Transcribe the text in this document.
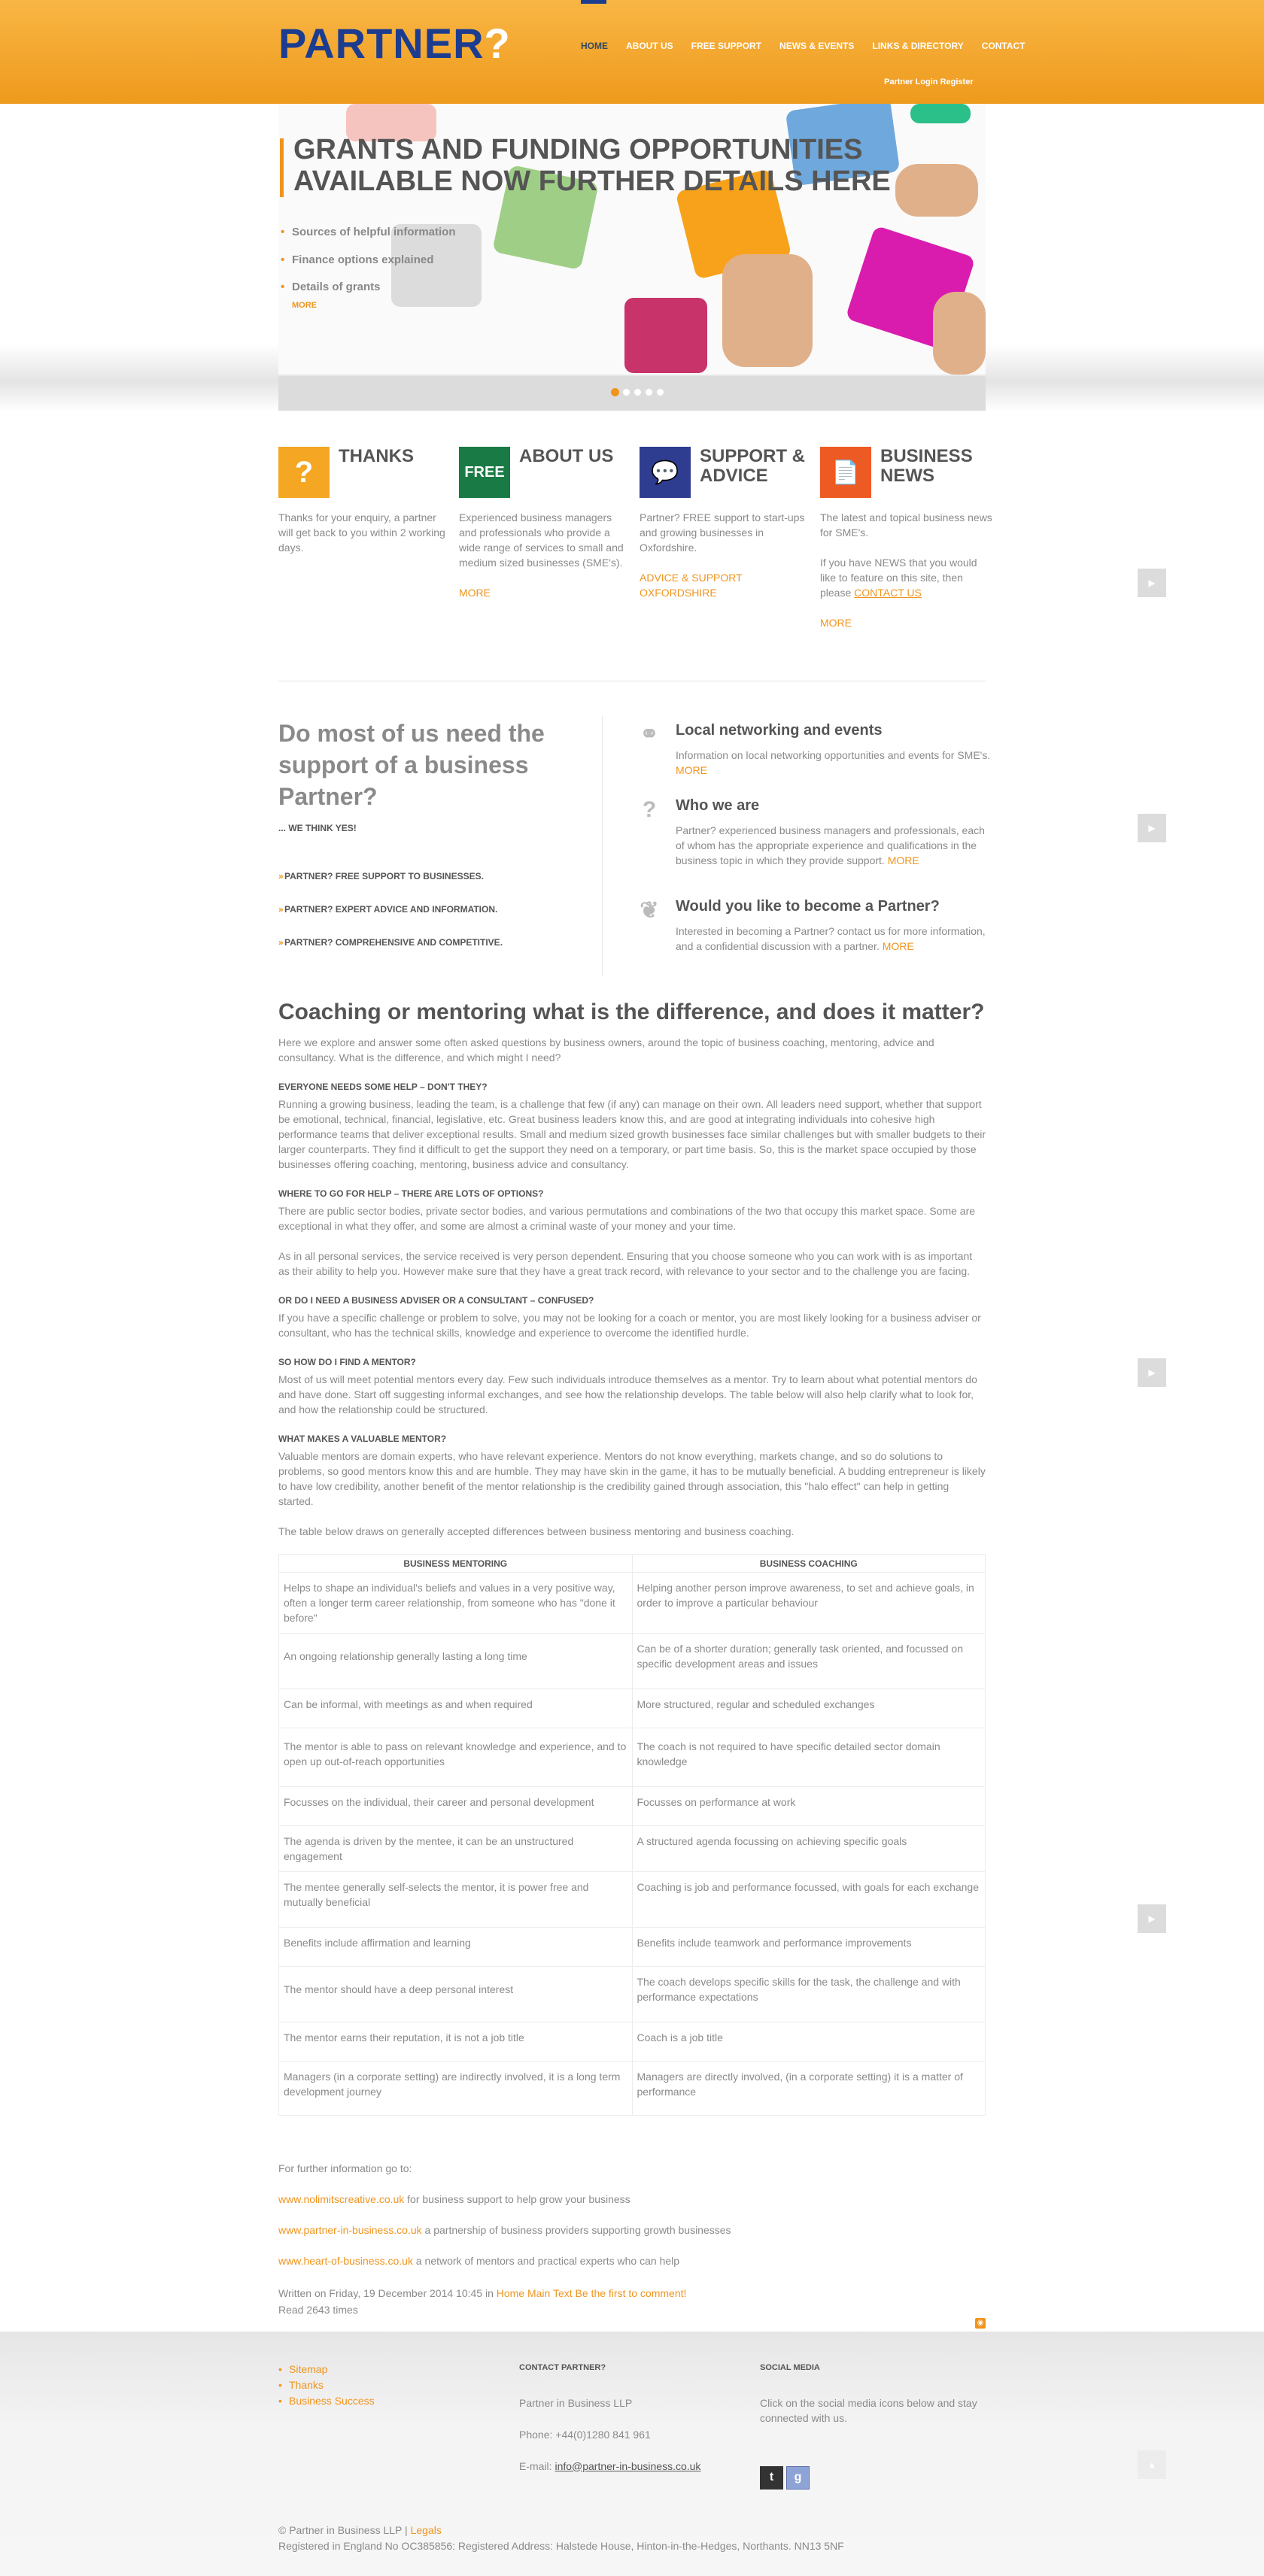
PARTNER?	HOME ABOUT US FREE SUPPORT NEWS & EVENTS LINKS & DIRECTORY CONTACT
Partner Login Register
GRANTS AND FUNDING OPPORTUNITIES AVAILABLE NOW FURTHER DETAILS HERE
• Sources of helpful information
• Finance options explained
• Details of grants
MORE
?	THANKS

Thanks for your enquiry, a partner will get back to you within 2 working days.

FREE
ABOUT US

Experienced business managers and professionals who provide a wide range of services to small and medium sized businesses (SME's).

MORE

💬
SUPPORT & ADVICE

Partner? FREE support to start-ups and growing businesses in Oxfordshire.

ADVICE & SUPPORT OXFORDSHIRE

📄
BUSINESS NEWS

The latest and topical business news for SME's.

If you have NEWS that you would like to feature on this site, then please CONTACT US

MORE

▶
Do most of us need the support of a business Partner?
... WE THINK YES!
» PARTNER? FREE SUPPORT TO BUSINESSES.
» PARTNER? EXPERT ADVICE AND INFORMATION.
» PARTNER? COMPREHENSIVE AND COMPETITIVE.
⚭ Local networking and events
Information on local networking opportunities and events for SME's. MORE
? Who we are
Partner? experienced business managers and professionals, each of whom has the appropriate experience and qualifications in the business topic in which they provide support. MORE
❦ Would you like to become a Partner?
Interested in becoming a Partner? contact us for more information, and a confidential discussion with a partner. MORE
▶
Coaching or mentoring what is the difference, and does it matter?

Here we explore and answer some often asked questions by business owners, around the topic of business coaching, mentoring, advice and consultancy. What is the difference, and which might I need?

EVERYONE NEEDS SOME HELP – DON'T THEY?

Running a growing business, leading the team, is a challenge that few (if any) can manage on their own. All leaders need support, whether that support be emotional, technical, financial, legislative, etc. Great business leaders know this, and are good at integrating individuals into cohesive high performance teams that deliver exceptional results. Small and medium sized growth businesses face similar challenges but with smaller budgets to their larger counterparts. They find it difficult to get the support they need on a temporary, or part time basis. So, this is the market space occupied by those businesses offering coaching, mentoring, business advice and consultancy.

WHERE TO GO FOR HELP – THERE ARE LOTS OF OPTIONS?

There are public sector bodies, private sector bodies, and various permutations and combinations of the two that occupy this market space. Some are exceptional in what they offer, and some are almost a criminal waste of your money and your time.

As in all personal services, the service received is very person dependent. Ensuring that you choose someone who you can work with is as important as their ability to help you. However make sure that they have a great track record, with relevance to your sector and to the challenge you are facing.

OR DO I NEED A BUSINESS ADVISER OR A CONSULTANT – CONFUSED?

If you have a specific challenge or problem to solve, you may not be looking for a coach or mentor, you are most likely looking for a business adviser or consultant, who has the technical skills, knowledge and experience to overcome the identified hurdle.

SO HOW DO I FIND A MENTOR?

Most of us will meet potential mentors every day. Few such individuals introduce themselves as a mentor. Try to learn about what potential mentors do and have done. Start off suggesting informal exchanges, and see how the relationship develops. The table below will also help clarify what to look for, and how the relationship could be structured.

WHAT MAKES A VALUABLE MENTOR?

Valuable mentors are domain experts, who have relevant experience. Mentors do not know everything, markets change, and so do solutions to problems, so good mentors know this and are humble. They may have skin in the game, it has to be mutually beneficial. A budding entrepreneur is likely to have low credibility, another benefit of the mentor relationship is the credibility gained through association, this "halo effect" can help in getting started.

The table below draws on generally accepted differences between business mentoring and business coaching.

BUSINESS MENTORING	BUSINESS COACHING
Helps to shape an individual's beliefs and values in a very positive way, often a longer term career relationship, from someone who has "done it before"	Helping another person improve awareness, to set and achieve goals, in order to improve a particular behaviour
An ongoing relationship generally lasting a long time	Can be of a shorter duration; generally task oriented, and focussed on specific development areas and issues
Can be informal, with meetings as and when required	More structured, regular and scheduled exchanges
The mentor is able to pass on relevant knowledge and experience, and to open up out-of-reach opportunities	The coach is not required to have specific detailed sector domain knowledge
Focusses on the individual, their career and personal development	Focusses on performance at work
The agenda is driven by the mentee, it can be an unstructured engagement	A structured agenda focussing on achieving specific goals
The mentee generally self-selects the mentor, it is power free and mutually beneficial	Coaching is job and performance focussed, with goals for each exchange
Benefits include affirmation and learning	Benefits include teamwork and performance improvements
The mentor should have a deep personal interest	The coach develops specific skills for the task, the challenge and with performance expectations
The mentor earns their reputation, it is not a job title	Coach is a job title
Managers (in a corporate setting) are indirectly involved, it is a long term development journey	Managers are directly involved, (in a corporate setting) it is a matter of performance
▶
▶

For further information go to:

www.nolimitscreative.co.uk for business support to help grow your business

www.partner-in-business.co.uk a partnership of business providers supporting growth businesses

www.heart-of-business.co.uk a network of mentors and practical experts who can help

Written on Friday, 19 December 2014 10:45 in Home Main Text Be the first to comment!
Read 2643 times
◉
• Sitemap
• Thanks
• Business Success
CONTACT PARTNER?

Partner in Business LLP

Phone: +44(0)1280 841 961

E-mail: info@partner-in-business.co.uk

SOCIAL MEDIA

Click on the social media icons below and stay connected with us.

t	g
▲
© Partner in Business LLP | Legals
Registered in England No OC385856: Registered Address: Halstede House, Hinton-in-the-Hedges, Northants. NN13 5NF
